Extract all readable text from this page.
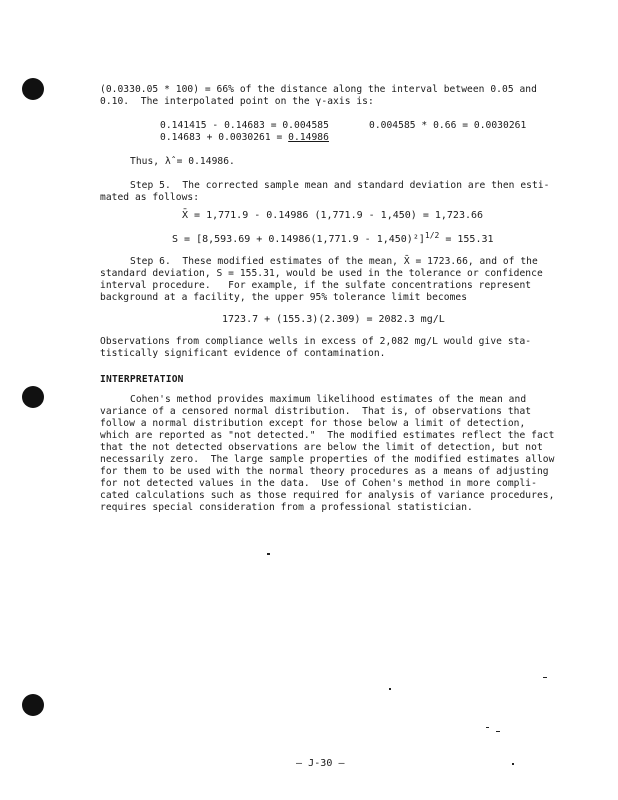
(0.0330.05 * 100) = 66% of the distance along the interval between 0.05 and
0.10.  The interpolated point on the γ-axis is:
0.141415 - 0.14683 = 0.004585	0.004585 * 0.66 = 0.0030261
0.14683 + 0.0030261 = 0.14986
Thus, λ̂ = 0.14986.
Step 5.  The corrected sample mean and standard deviation are then esti-
mated as follows:
X̄ = 1,771.9 - 0.14986 (1,771.9 - 1,450) = 1,723.66
$S = [8,593.69 + 0.14986(1,771.9 - 1,450)^2]^{1/2} = 155.31$
Step 6.  These modified estimates of the mean, X̄ = 1723.66, and of the
standard deviation, S = 155.31, would be used in the tolerance or confidence
interval procedure.   For example, if the sulfate concentrations represent
background at a facility, the upper 95% tolerance limit becomes
1723.7 + (155.3)(2.309) = 2082.3 mg/L
Observations from compliance wells in excess of 2,082 mg/L would give sta-
tistically significant evidence of contamination.
INTERPRETATION
Cohen's method provides maximum likelihood estimates of the mean and
variance of a censored normal distribution.  That is, of observations that
follow a normal distribution except for those below a limit of detection,
which are reported as "not detected."  The modified estimates reflect the fact
that the not detected observations are below the limit of detection, but not
necessarily zero.  The large sample properties of the modified estimates allow
for them to be used with the normal theory procedures as a means of adjusting
for not detected values in the data.  Use of Cohen's method in more compli-
cated calculations such as those required for analysis of variance procedures,
requires special consideration from a professional statistician.
— J-30 —
